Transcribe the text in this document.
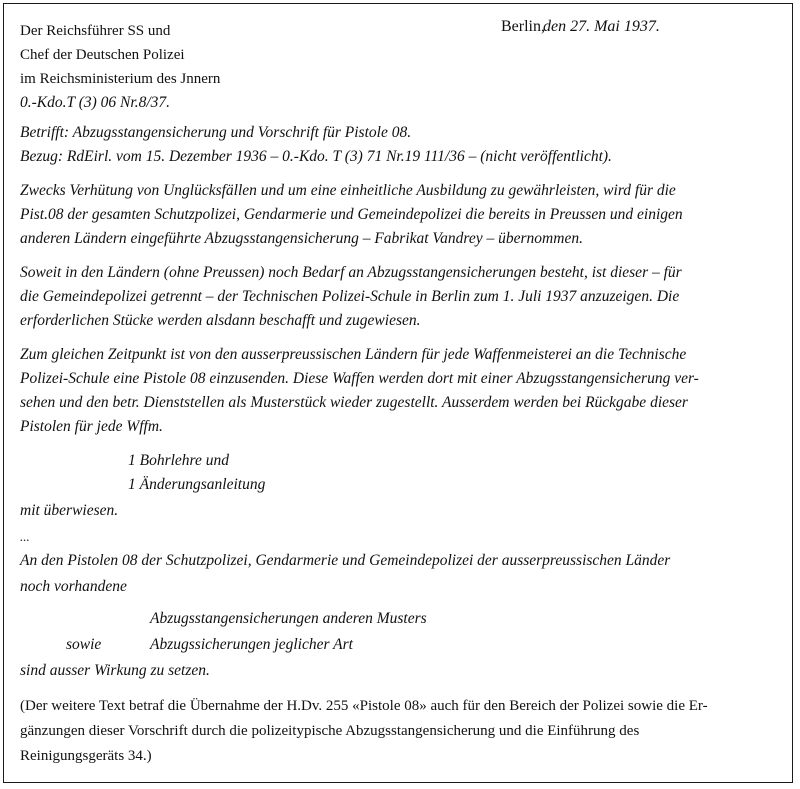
Der Reichsführer SS und
Chef der Deutschen Polizei
im Reichsministerium des Jnnern
0.-Kdo.T (3) 06 Nr.8/37.
Berlin,
den 27. Mai 1937.
Betrifft: Abzugsstangensicherung und Vorschrift für Pistole 08.
Bezug: RdEirl. vom 15. Dezember 1936 – 0.-Kdo. T (3) 71 Nr.19 111/36 – (nicht veröffentlicht).
Zwecks Verhütung von Unglücksfällen und um eine einheitliche Ausbildung zu gewährleisten, wird für die
Pist.08 der gesamten Schutzpolizei, Gendarmerie und Gemeindepolizei die bereits in Preussen und einigen
anderen Ländern eingeführte Abzugsstangensicherung – Fabrikat Vandrey – übernommen.
Soweit in den Ländern (ohne Preussen) noch Bedarf an Abzugsstangensicherungen besteht, ist dieser – für
die Gemeindepolizei getrennt – der Technischen Polizei-Schule in Berlin zum 1. Juli 1937 anzuzeigen. Die
erforderlichen Stücke werden alsdann beschafft und zugewiesen.
Zum gleichen Zeitpunkt ist von den ausserpreussischen Ländern für jede Waffenmeisterei an die Technische
Polizei-Schule eine Pistole 08 einzusenden. Diese Waffen werden dort mit einer Abzugsstangensicherung ver-
sehen und den betr. Dienststellen als Musterstück wieder zugestellt. Ausserdem werden bei Rückgabe dieser
Pistolen für jede Wffm.
1 Bohrlehre und
1 Änderungsanleitung
mit überwiesen.
...
An den Pistolen 08 der Schutzpolizei, Gendarmerie und Gemeindepolizei der ausserpreussischen Länder
noch vorhandene
Abzugsstangensicherungen anderen Musters
sowie	Abzugssicherungen jeglicher Art
sind ausser Wirkung zu setzen.
(Der weitere Text betraf die Übernahme der H.Dv. 255 «Pistole 08» auch für den Bereich der Polizei sowie die Er-
gänzungen dieser Vorschrift durch die polizeitypische Abzugsstangensicherung und die Einführung des
Reinigungsgeräts 34.)
